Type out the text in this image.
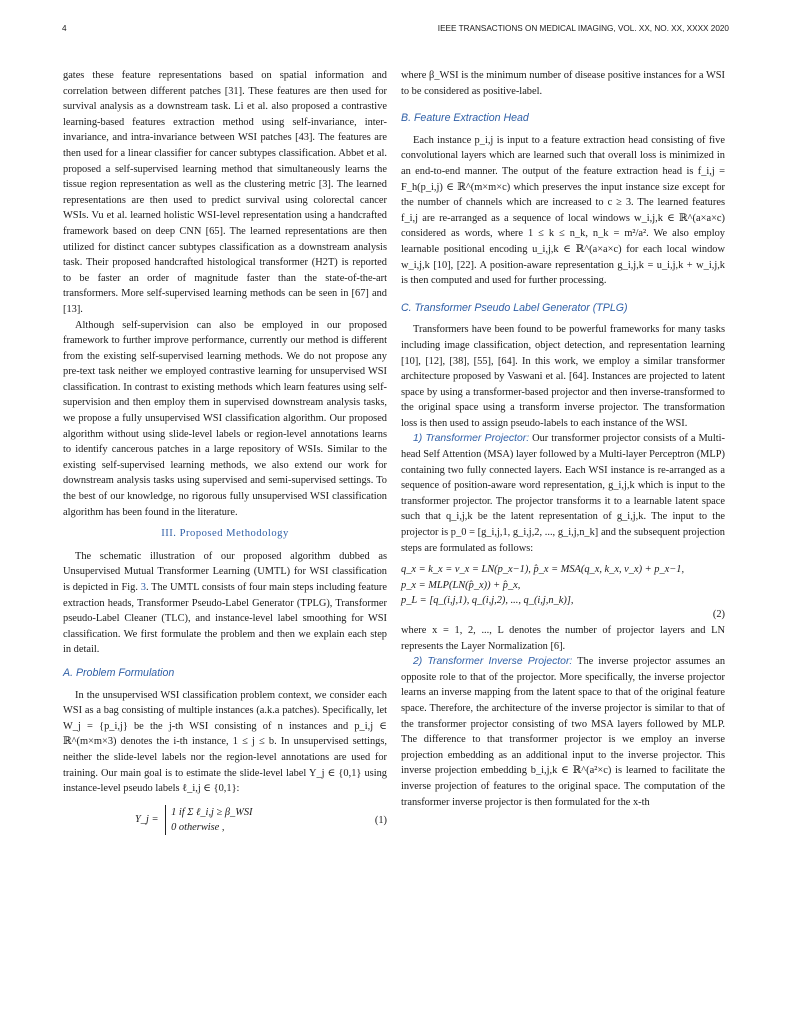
4	IEEE TRANSACTIONS ON MEDICAL IMAGING, VOL. XX, NO. XX, XXXX 2020

gates these feature representations based on spatial information and correlation between different patches [31]. These features are then used for survival analysis as a downstream task. Li et al. also proposed a contrastive learning-based features extraction method using self-invariance, inter-invariance, and intra-invariance between WSI patches [43]. The features are then used for a linear classifier for cancer subtypes classification. Abbet et al. proposed a self-supervised learning method that simultaneously learns the tissue region representation as well as the clustering metric [3]. The learned representations are then used to predict survival using colorectal cancer WSIs. Vu et al. learned holistic WSI-level representation using a handcrafted framework based on deep CNN [65]. The learned representations are then utilized for distinct cancer subtypes classification as a downstream analysis task. Their proposed handcrafted histological transformer (H2T) is reported to be faster an order of magnitude faster than the state-of-the-art transformers. More self-supervised learning methods can be seen in [67] and [13].

Although self-supervision can also be employed in our proposed framework to further improve performance, currently our method is different from the existing self-supervised learning methods. We do not propose any pre-text task neither we employed contrastive learning for unsupervised WSI classification. In contrast to existing methods which learn features using self-supervision and then employ them in supervised downstream analysis tasks, we propose a fully unsupervised WSI classification algorithm. Our proposed algorithm without using slide-level labels or region-level annotations learns to identify cancerous patches in a large repository of WSIs. Similar to the existing self-supervised learning methods, we also extend our work for downstream analysis tasks using supervised and semi-supervised settings. To the best of our knowledge, no rigorous fully unsupervised WSI classification algorithm has been found in the literature.

III. Proposed Methodology

The schematic illustration of our proposed algorithm dubbed as Unsupervised Mutual Transformer Learning (UMTL) for WSI classification is depicted in Fig. 3. The UMTL consists of four main steps including feature extraction heads, Transformer Pseudo-Label Generator (TPLG), Transformer pseudo-Label Cleaner (TLC), and instance-level label smoothing for WSI classification. We first formulate the problem and then we explain each step in detail.

A. Problem Formulation

In the unsupervised WSI classification problem context, we consider each WSI as a bag consisting of multiple instances (a.k.a patches). Specifically, let W_j = {p_i,j} be the j-th WSI consisting of n instances and p_i,j ∈ ℝ^(m×m×3) denotes the i-th instance, 1 ≤ j ≤ b. In unsupervised settings, neither the slide-level labels nor the region-level annotations are used for training. Our main goal is to estimate the slide-level label Y_j ∈ {0,1} using instance-level pseudo labels ℓ_i,j ∈ {0,1}:

Y_j = 1 if Σ ℓ_i,j ≥ β_WSI
0 otherwise ,
(1)

where β_WSI is the minimum number of disease positive instances for a WSI to be considered as positive-label.

B. Feature Extraction Head

Each instance p_i,j is input to a feature extraction head consisting of five convolutional layers which are learned such that overall loss is minimized in an end-to-end manner. The output of the feature extraction head is f_i,j = F_h(p_i,j) ∈ ℝ^(m×m×c) which preserves the input instance size except for the number of channels which are increased to c ≥ 3. The learned features f_i,j are re-arranged as a sequence of local windows w_i,j,k ∈ ℝ^(a×a×c) considered as words, where 1 ≤ k ≤ n_k, n_k = m²/a². We also employ learnable positional encoding u_i,j,k ∈ ℝ^(a×a×c) for each local window w_i,j,k [10], [22]. A position-aware representation g_i,j,k = u_i,j,k + w_i,j,k is then computed and used for further processing.

C. Transformer Pseudo Label Generator (TPLG)

Transformers have been found to be powerful frameworks for many tasks including image classification, object detection, and representation learning [10], [12], [38], [55], [64]. In this work, we employ a similar transformer architecture proposed by Vaswani et al. [64]. Instances are projected to latent space by using a transformer-based projector and then inverse-transformed to the original space using a transform inverse projector. The transformation loss is then used to assign pseudo-labels to each instance of the WSI.

1) Transformer Projector: Our transformer projector consists of a Multi-head Self Attention (MSA) layer followed by a Multi-layer Perceptron (MLP) containing two fully connected layers. Each WSI instance is re-arranged as a sequence of position-aware word representation, g_i,j,k which is input to the transformer projector. The projector transforms it to a learnable latent space such that q_i,j,k be the latent representation of g_i,j,k. The input to the projector is p_0 = [g_i,j,1, g_i,j,2, ..., g_i,j,n_k] and the subsequent projection steps are formulated as follows:

q_x = k_x = v_x = LN(p_x−1), p̂_x = MSA(q_x, k_x, v_x) + p_x−1,
p_x = MLP(LN(p̂_x)) + p̂_x,
p_L = [q_(i,j,1), q_(i,j,2), ..., q_(i,j,n_k)],
(2)

where x = 1, 2, ..., L denotes the number of projector layers and LN represents the Layer Normalization [6].

2) Transformer Inverse Projector: The inverse projector assumes an opposite role to that of the projector. More specifically, the inverse projector learns an inverse mapping from the latent space to that of the original feature space. Therefore, the architecture of the inverse projector is similar to that of the transformer projector consisting of two MSA layers followed by MLP. The difference to that transformer projector is we employ an inverse projection embedding as an additional input to the inverse projector. This inverse projection embedding b_i,j,k ∈ ℝ^(a²×c) is learned to facilitate the inverse projection of features to the original space. The computation of the transformer inverse projector is then formulated for the x-th
